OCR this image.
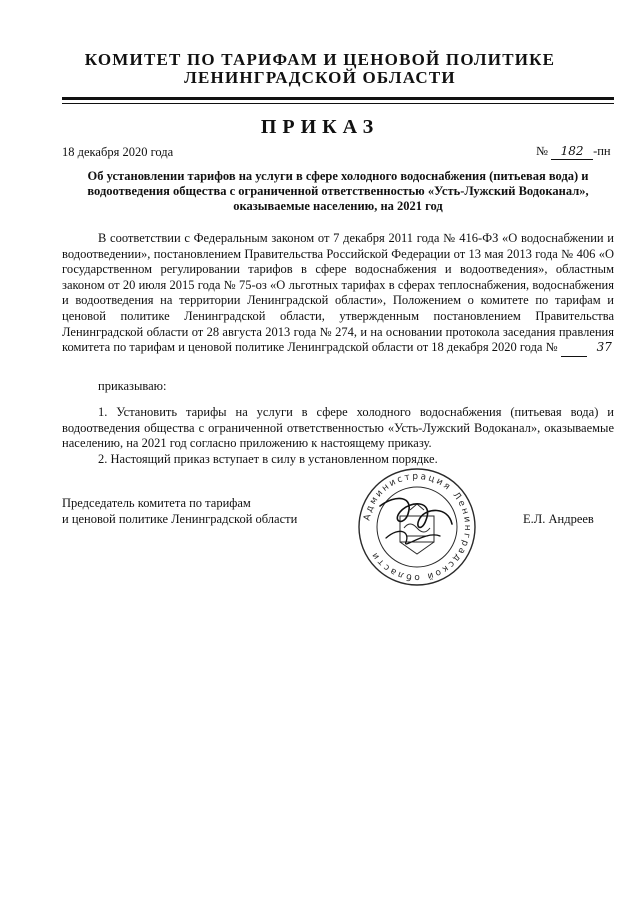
КОМИТЕТ ПО ТАРИФАМ И ЦЕНОВОЙ ПОЛИТИКЕ
ЛЕНИНГРАДСКОЙ ОБЛАСТИ
ПРИКАЗ
18 декабря 2020 года	№ 182 -пн
Об установлении тарифов на услуги в сфере холодного водоснабжения (питьевая вода) и водоотведения общества с ограниченной ответственностью «Усть-Лужский Водоканал», оказываемые населению, на 2021 год
В соответствии с Федеральным законом от 7 декабря 2011 года № 416-ФЗ «О водоснабжении и водоотведении», постановлением Правительства Российской Федерации от 13 мая 2013 года № 406 «О государственном регулировании тарифов в сфере водоснабжения и водоотведения», областным законом от 20 июля 2015 года № 75-оз «О льготных тарифах в сферах теплоснабжения, водоснабжения и водоотведения на территории Ленинградской области», Положением о комитете по тарифам и ценовой политике Ленинградской области, утвержденным постановлением Правительства Ленинградской области от 28 августа 2013 года № 274, и на основании протокола заседания правления комитета по тарифам и ценовой политике Ленинградской области от 18 декабря 2020 года №	37
приказываю:
1. Установить тарифы на услуги в сфере холодного водоснабжения (питьевая вода) и водоотведения общества с ограниченной ответственностью «Усть-Лужский Водоканал», оказываемые населению, на 2021 год согласно приложению к настоящему приказу.
2. Настоящий приказ вступает в силу в установленном порядке.
Председатель комитета по тарифам
и ценовой политике Ленинградской области	Е.Л. Андреев
Администрация Ленинградской области
